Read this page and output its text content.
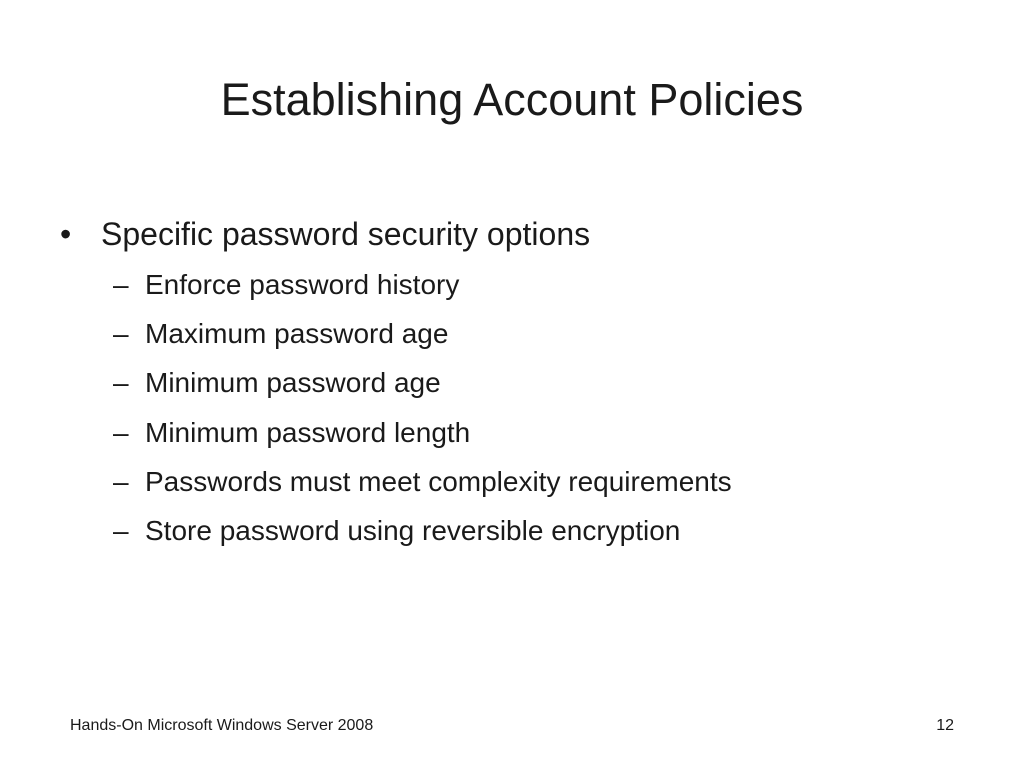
Establishing Account Policies
• Specific password security options
– Enforce password history
– Maximum password age
– Minimum password age
– Minimum password length
– Passwords must meet complexity requirements
– Store password using reversible encryption
Hands-On Microsoft Windows Server 2008	12
